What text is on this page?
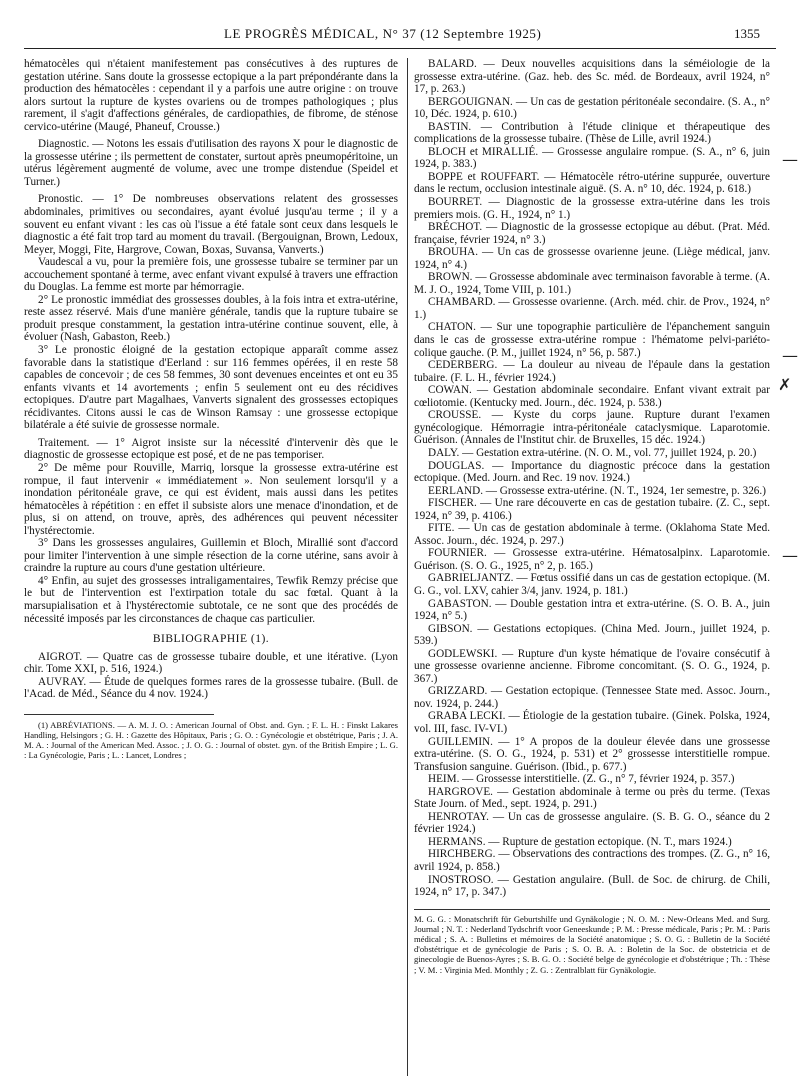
LE PROGRÈS MÉDICAL, N° 37 (12 Septembre 1925)	1355

hématocèles qui n'étaient manifestement pas consécutives à des ruptures de gestation utérine. Sans doute la grossesse ectopique a la part prépondérante dans la production des hématocèles : cependant il y a parfois une autre origine : on trouve alors surtout la rupture de kystes ovariens ou de trompes pathologiques ; plus rarement, il s'agit d'affections générales, de cardiopathies, de fibrome, de sténose cervico-utérine (Maugé, Phaneuf, Crousse.)

Diagnostic. — Notons les essais d'utilisation des rayons X pour le diagnostic de la grossesse utérine ; ils permettent de constater, surtout après pneumopéritoine, un utérus légèrement augmenté de volume, avec une trompe distendue (Speidel et Turner.)

Pronostic. — 1° De nombreuses observations relatent des grossesses abdominales, primitives ou secondaires, ayant évolué jusqu'au terme ; il y a souvent eu enfant vivant : les cas où l'issue a été fatale sont ceux dans lesquels le diagnostic a été fait trop tard au moment du travail. (Bergouignan, Brown, Ledoux, Meyer, Moggi, Fite, Hargrove, Cowan, Boxas, Suvansa, Vanverts.)

Vaudescal a vu, pour la première fois, une grossesse tubaire se terminer par un accouchement spontané à terme, avec enfant vivant expulsé à travers une effraction du Douglas. La femme est morte par hémorragie.

2° Le pronostic immédiat des grossesses doubles, à la fois intra et extra-utérine, reste assez réservé. Mais d'une manière générale, tandis que la rupture tubaire se produit presque constamment, la gestation intra-utérine continue souvent, elle, à évoluer (Nash, Gabaston, Reeb.)

3° Le pronostic éloigné de la gestation ectopique apparaît comme assez favorable dans la statistique d'Eerland : sur 116 femmes opérées, il en reste 58 capables de concevoir ; de ces 58 femmes, 30 sont devenues enceintes et ont eu 35 enfants vivants et 14 avortements ; enfin 5 seulement ont eu des récidives ectopiques. D'autre part Magalhaes, Vanverts signalent des grossesses ectopiques récidivantes. Citons aussi le cas de Winson Ramsay : une grossesse ectopique bilatérale a été suivie de grossesse normale.

Traitement. — 1° Aigrot insiste sur la nécessité d'intervenir dès que le diagnostic de grossesse ectopique est posé, et de ne pas temporiser.

2° De même pour Rouville, Marriq, lorsque la grossesse extra-utérine est rompue, il faut intervenir « immédiatement ». Non seulement lorsqu'il y a inondation péritonéale grave, ce qui est évident, mais aussi dans les petites hématocèles à répétition : en effet il subsiste alors une menace d'inondation, et de plus, si on attend, on trouve, après, des adhérences qui peuvent nécessiter l'hystérectomie.

3° Dans les grossesses angulaires, Guillemin et Bloch, Mirallié sont d'accord pour limiter l'intervention à une simple résection de la corne utérine, sans avoir à craindre la rupture au cours d'une gestation ultérieure.

4° Enfin, au sujet des grossesses intraligamentaires, Tewfik Remzy précise que le but de l'intervention est l'extirpation totale du sac fœtal. Quant à la marsupialisation et à l'hystérectomie subtotale, ce ne sont que des procédés de nécessité imposés par les circonstances de chaque cas particulier.

BIBLIOGRAPHIE (1).

AIGROT. — Quatre cas de grossesse tubaire double, et une itérative. (Lyon chir. Tome XXI, p. 516, 1924.)

AUVRAY. — Étude de quelques formes rares de la grossesse tubaire. (Bull. de l'Acad. de Méd., Séance du 4 nov. 1924.)

(1) ABRÉVIATIONS. — A. M. J. O. : American Journal of Obst. and. Gyn. ; F. L. H. : Finskt Lakares Handling, Helsingors ; G. H. : Gazette des Hôpitaux, Paris ; G. O. : Gynécologie et obstétrique, Paris ; J. A. M. A. : Journal of the American Med. Assoc. ; J. O. G. : Journal of obstet. gyn. of the British Empire ; L. G. : La Gynécologie, Paris ; L. : Lancet, Londres ;

BALARD. — Deux nouvelles acquisitions dans la séméiologie de la grossesse extra-utérine. (Gaz. heb. des Sc. méd. de Bordeaux, avril 1924, n° 17, p. 263.)

BERGOUIGNAN. — Un cas de gestation péritonéale secondaire. (S. A., n° 10, Déc. 1924, p. 610.)

BASTIN. — Contribution à l'étude clinique et thérapeutique des complications de la grossesse tubaire. (Thèse de Lille, avril 1924.)

BLOCH et MIRALLIÉ. — Grossesse angulaire rompue. (S. A., n° 6, juin 1924, p. 383.)

BOPPE et ROUFFART. — Hématocèle rétro-utérine suppurée, ouverture dans le rectum, occlusion intestinale aiguë. (S. A. n° 10, déc. 1924, p. 618.)

BOURRET. — Diagnostic de la grossesse extra-utérine dans les trois premiers mois. (G. H., 1924, n° 1.)

BRÉCHOT. — Diagnostic de la grossesse ectopique au début. (Prat. Méd. française, février 1924, n° 3.)

BROUHA. — Un cas de grossesse ovarienne jeune. (Liège médical, janv. 1924, n° 4.)

BROWN. — Grossesse abdominale avec terminaison favorable à terme. (A. M. J. O., 1924, Tome VIII, p. 101.)

CHAMBARD. — Grossesse ovarienne. (Arch. méd. chir. de Prov., 1924, n° 1.)

CHATON. — Sur une topographie particulière de l'épanchement sanguin dans le cas de grossesse extra-utérine rompue : l'hématome pelvi-pariéto-colique gauche. (P. M., juillet 1924, n° 56, p. 587.)

CEDERBERG. — La douleur au niveau de l'épaule dans la gestation tubaire. (F. L. H., février 1924.)

COWAN. — Gestation abdominale secondaire. Enfant vivant extrait par cœliotomie. (Kentucky med. Journ., déc. 1924, p. 538.)

CROUSSE. — Kyste du corps jaune. Rupture durant l'examen gynécologique. Hémorragie intra-péritonéale cataclysmique. Laparotomie. Guérison. (Annales de l'Institut chir. de Bruxelles, 15 déc. 1924.)

DALY. — Gestation extra-utérine. (N. O. M., vol. 77, juillet 1924, p. 20.)

DOUGLAS. — Importance du diagnostic précoce dans la gestation ectopique. (Med. Journ. and Rec. 19 nov. 1924.)

EERLAND. — Grossesse extra-utérine. (N. T., 1924, 1er semestre, p. 326.)

FISCHER. — Une rare découverte en cas de gestation tubaire. (Z. C., sept. 1924, n° 39, p. 4106.)

FITE. — Un cas de gestation abdominale à terme. (Oklahoma State Med. Assoc. Journ., déc. 1924, p. 297.)

FOURNIER. — Grossesse extra-utérine. Hématosalpinx. Laparotomie. Guérison. (S. O. G., 1925, n° 2, p. 165.)

GABRIELJANTZ. — Fœtus ossifié dans un cas de gestation ectopique. (M. G. G., vol. LXV, cahier 3/4, janv. 1924, p. 181.)

GABASTON. — Double gestation intra et extra-utérine. (S. O. B. A., juin 1924, n° 5.)

GIBSON. — Gestations ectopiques. (China Med. Journ., juillet 1924, p. 539.)

GODLEWSKI. — Rupture d'un kyste hématique de l'ovaire consécutif à une grossesse ovarienne ancienne. Fibrome concomitant. (S. O. G., 1924, p. 367.)

GRIZZARD. — Gestation ectopique. (Tennessee State med. Assoc. Journ., nov. 1924, p. 244.)

GRABA LECKI. — Étiologie de la gestation tubaire. (Ginek. Polska, 1924, vol. III, fasc. IV-VI.)

GUILLEMIN. — 1° A propos de la douleur élevée dans une grossesse extra-utérine. (S. O. G., 1924, p. 531) et 2° grossesse interstitielle rompue. Transfusion sanguine. Guérison. (Ibid., p. 677.)

HEIM. — Grossesse interstitielle. (Z. G., n° 7, février 1924, p. 357.)

HARGROVE. — Gestation abdominale à terme ou près du terme. (Texas State Journ. of Med., sept. 1924, p. 291.)

HENROTAY. — Un cas de grossesse angulaire. (S. B. G. O., séance du 2 février 1924.)

HERMANS. — Rupture de gestation ectopique. (N. T., mars 1924.)

HIRCHBERG. — Observations des contractions des trompes. (Z. G., n° 16, avril 1924, p. 858.)

INOSTROSO. — Gestation angulaire. (Bull. de Soc. de chirurg. de Chili, 1924, n° 17, p. 347.)

M. G. G. : Monatschrift für Geburtshilfe und Gynäkologie ; N. O. M. : New-Orleans Med. and Surg. Journal ; N. T. : Nederland Tydschrift voor Geneeskunde ; P. M. : Presse médicale, Paris ; Pr. M. : Paris médical ; S. A. : Bulletins et mémoires de la Société anatomique ; S. O. G. : Bulletin de la Société d'obstétrique et de gynécologie de Paris ; S. O. B. A. : Boletin de la Soc. de obstetricia et de ginecologie de Buenos-Ayres ; S. B. G. O. : Société belge de gynécologie et d'obstétrique ; Th. : Thèse ; V. M. : Virginia Med. Monthly ; Z. G. : Zentralblatt für Gynäkologie.
—
—
✗
—
